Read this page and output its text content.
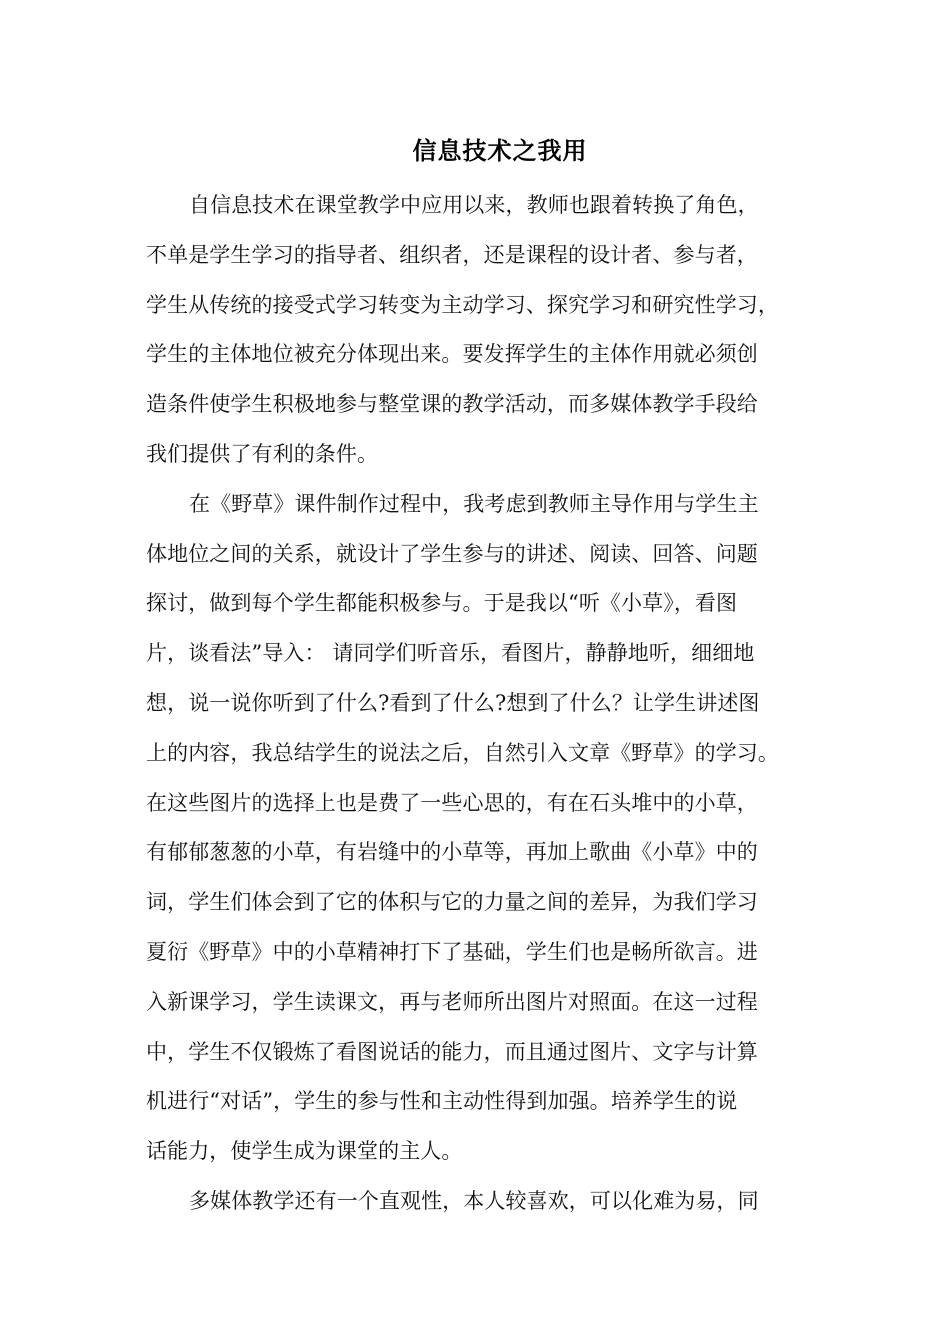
信息技术之我用
自信息技术在课堂教学中应用以来，教师也跟着转换了角色，
不单是学生学习的指导者、组织者，还是课程的设计者、参与者，
学生从传统的接受式学习转变为主动学习、探究学习和研究性学习，
学生的主体地位被充分体现出来。要发挥学生的主体作用就必须创
造条件使学生积极地参与整堂课的教学活动，而多媒体教学手段给
我们提供了有利的条件。
在《野草》课件制作过程中，我考虑到教师主导作用与学生主
体地位之间的关系，就设计了学生参与的讲述、阅读、回答、问题
探讨，做到每个学生都能积极参与。于是我以“听《小草》，看图
片，谈看法”导入： 请同学们听音乐，看图片，静静地听，细细地
想，说一说你听到了什么?看到了什么?想到了什么？让学生讲述图
上的内容，我总结学生的说法之后，自然引入文章《野草》的学习。
在这些图片的选择上也是费了一些心思的，有在石头堆中的小草，
有郁郁葱葱的小草，有岩缝中的小草等，再加上歌曲《小草》中的
词，学生们体会到了它的体积与它的力量之间的差异，为我们学习
夏衍《野草》中的小草精神打下了基础，学生们也是畅所欲言。进
入新课学习，学生读课文，再与老师所出图片对照面。在这一过程
中，学生不仅锻炼了看图说话的能力，而且通过图片、文字与计算
机进行“对话”，学生的参与性和主动性得到加强。培养学生的说
话能力，使学生成为课堂的主人。
多媒体教学还有一个直观性，本人较喜欢，可以化难为易，同
